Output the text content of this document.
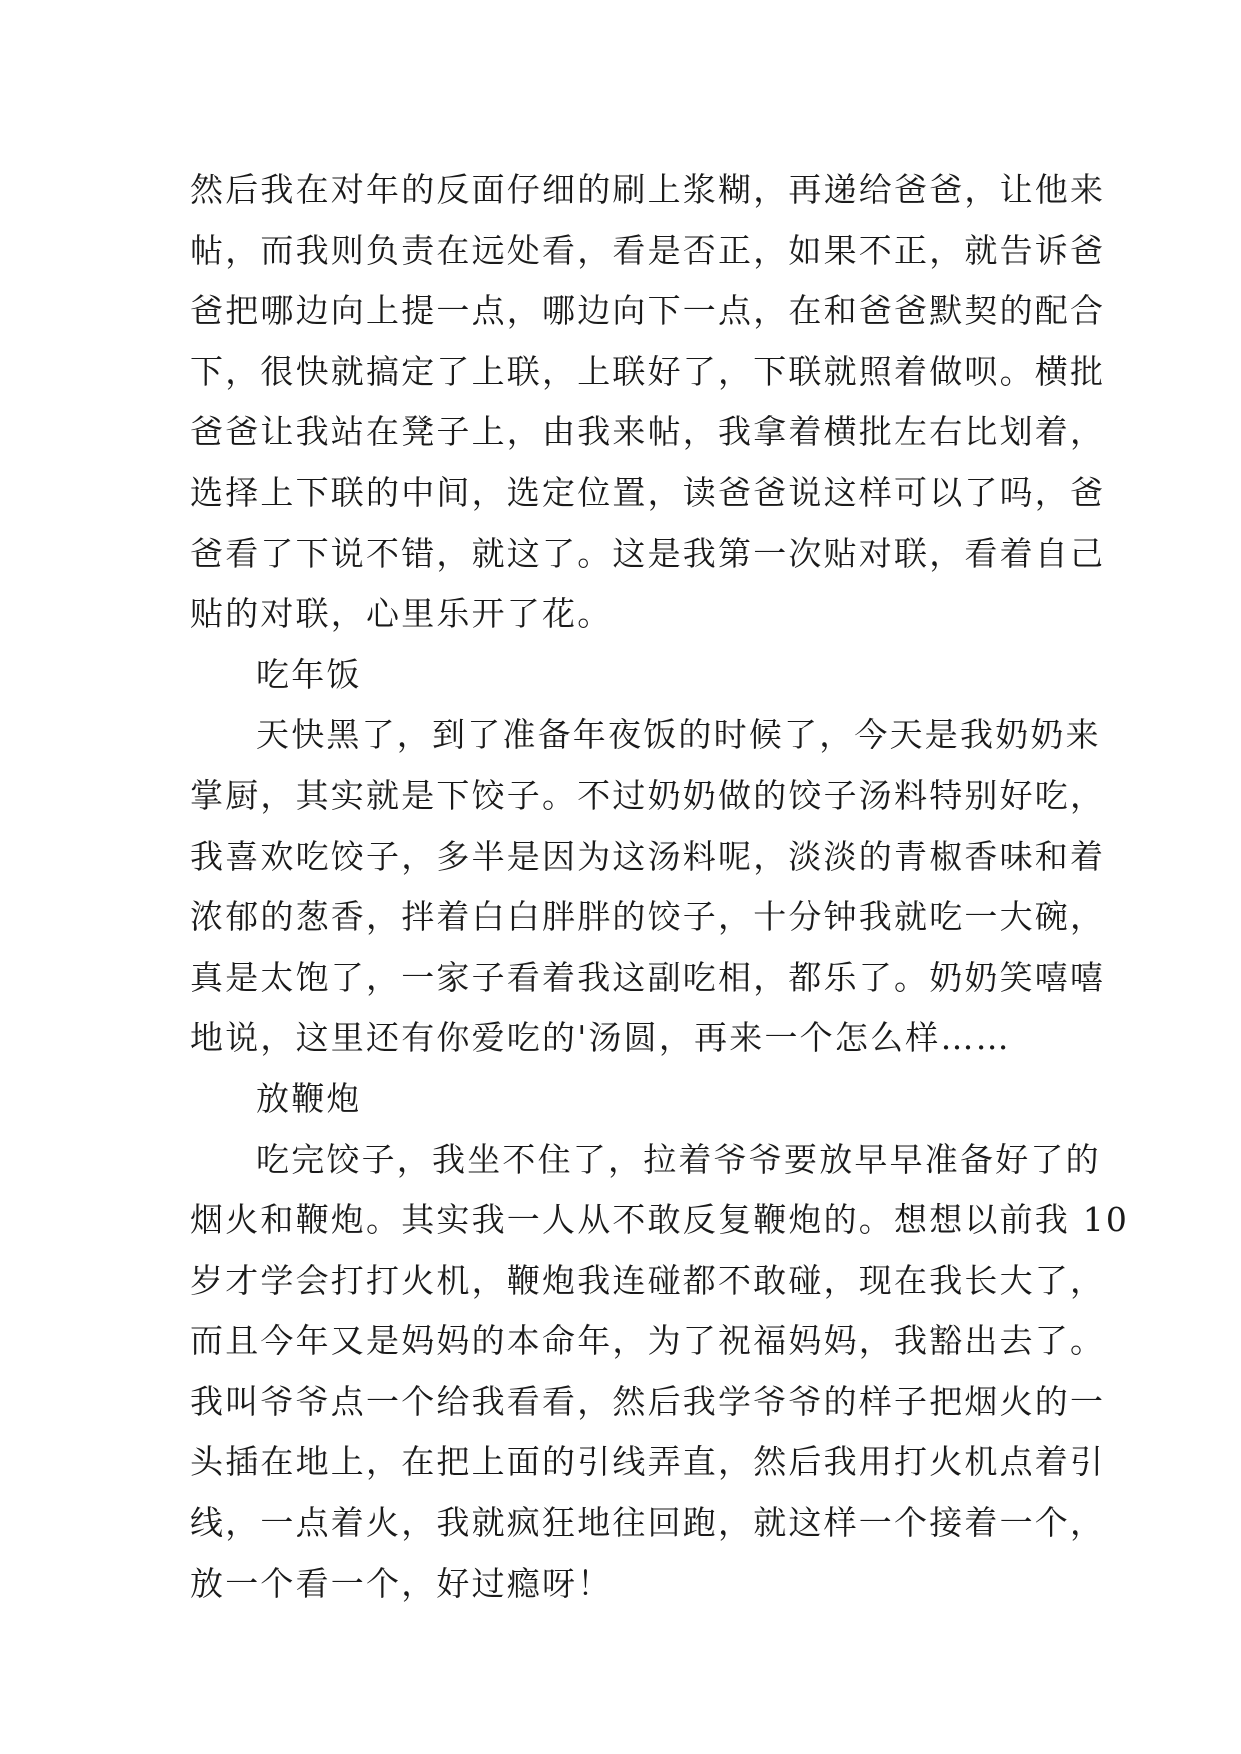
然后我在对年的反面仔细的刷上浆糊，再递给爸爸，让他来
帖，而我则负责在远处看，看是否正，如果不正，就告诉爸
爸把哪边向上提一点，哪边向下一点，在和爸爸默契的配合
下，很快就搞定了上联，上联好了，下联就照着做呗。横批
爸爸让我站在凳子上，由我来帖，我拿着横批左右比划着，
选择上下联的中间，选定位置，读爸爸说这样可以了吗，爸
爸看了下说不错，就这了。这是我第一次贴对联，看着自己
贴的对联，心里乐开了花。
吃年饭
天快黑了，到了准备年夜饭的时候了，今天是我奶奶来
掌厨，其实就是下饺子。不过奶奶做的饺子汤料特别好吃，
我喜欢吃饺子，多半是因为这汤料呢，淡淡的青椒香味和着
浓郁的葱香，拌着白白胖胖的饺子，十分钟我就吃一大碗，
真是太饱了，一家子看着我这副吃相，都乐了。奶奶笑嘻嘻
地说，这里还有你爱吃的'汤圆，再来一个怎么样……
放鞭炮
吃完饺子，我坐不住了，拉着爷爷要放早早准备好了的
烟火和鞭炮。其实我一人从不敢反复鞭炮的。想想以前我 10
岁才学会打打火机，鞭炮我连碰都不敢碰，现在我长大了，
而且今年又是妈妈的本命年，为了祝福妈妈，我豁出去了。
我叫爷爷点一个给我看看，然后我学爷爷的样子把烟火的一
头插在地上，在把上面的引线弄直，然后我用打火机点着引
线，一点着火，我就疯狂地往回跑，就这样一个接着一个，
放一个看一个，好过瘾呀！
